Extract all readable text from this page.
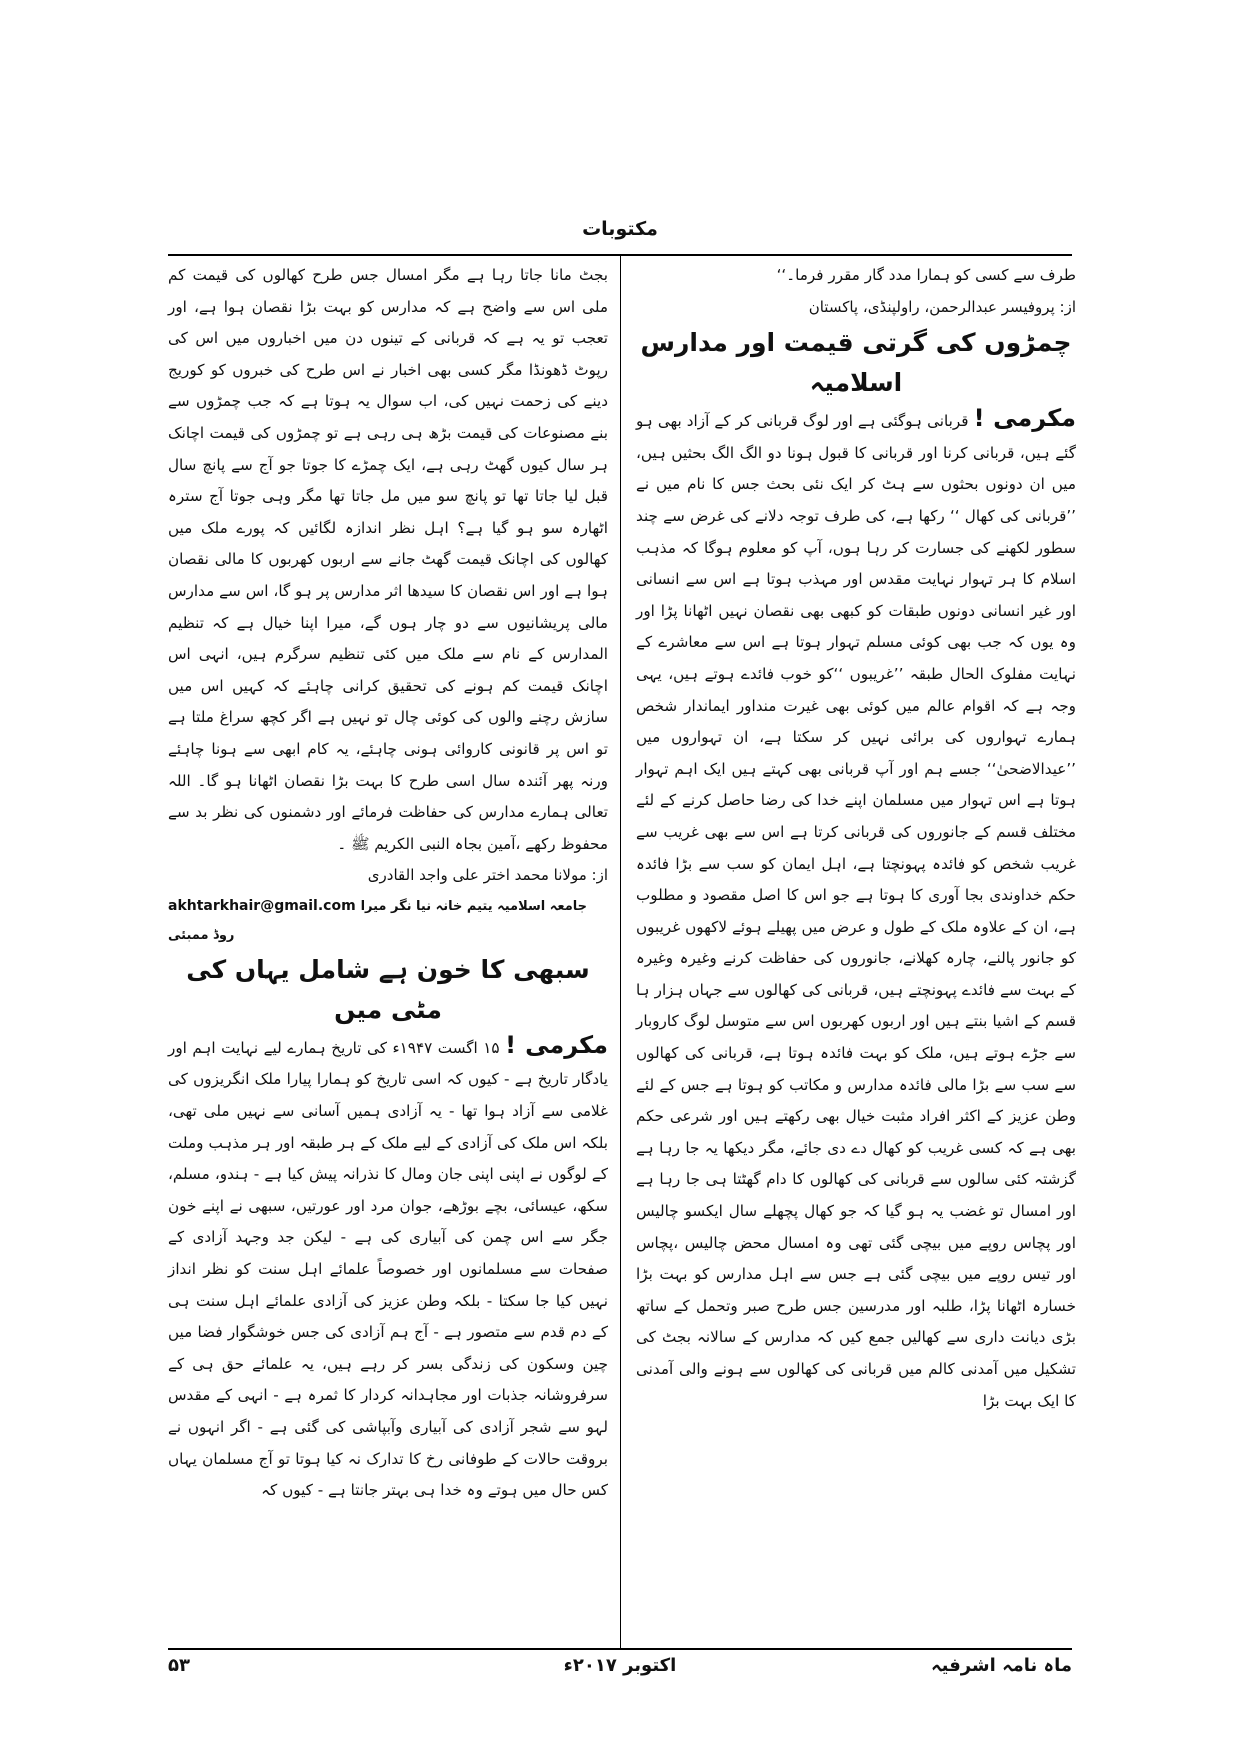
مکتوبات

طرف سے کسی کو ہمارا مدد گار مقرر فرما۔‘‘

از: پروفیسر عبدالرحمن، راولپنڈی، پاکستان

چمڑوں کی گرتی قیمت اور مدارس اسلامیہ

مکرمی ! قربانی ہوگئی ہے اور لوگ قربانی کر کے آزاد بھی ہو گئے ہیں، قربانی کرنا اور قربانی کا قبول ہونا دو الگ الگ بحثیں ہیں، میں ان دونوں بحثوں سے ہٹ کر ایک نئی بحث جس کا نام میں نے ’’قربانی کی کھال ‘‘ رکھا ہے، کی طرف توجہ دلانے کی غرض سے چند سطور لکھنے کی جسارت کر رہا ہوں، آپ کو معلوم ہوگا کہ مذہب اسلام کا ہر تہوار نہایت مقدس اور مہذب ہوتا ہے اس سے انسانی اور غیر انسانی دونوں طبقات کو کبھی بھی نقصان نہیں اٹھانا پڑا اور وہ یوں کہ جب بھی کوئی مسلم تہوار ہوتا ہے اس سے معاشرے کے نہایت مفلوک الحال طبقہ ’’غریبوں ‘‘کو خوب فائدے ہوتے ہیں، یہی وجہ ہے کہ اقوام عالم میں کوئی بھی غیرت منداور ایماندار شخص ہمارے تہواروں کی برائی نہیں کر سکتا ہے، ان تہواروں میں ’’عیدالاضحیٰ‘‘ جسے ہم اور آپ قربانی بھی کہتے ہیں ایک اہم تہوار ہوتا ہے اس تہوار میں مسلمان اپنے خدا کی رضا حاصل کرنے کے لئے مختلف قسم کے جانوروں کی قربانی کرتا ہے اس سے بھی غریب سے غریب شخص کو فائدہ پہونچتا ہے، اہل ایمان کو سب سے بڑا فائدہ حکم خداوندی بجا آوری کا ہوتا ہے جو اس کا اصل مقصود و مطلوب ہے، ان کے علاوہ ملک کے طول و عرض میں پھیلے ہوئے لاکھوں غریبوں کو جانور پالنے، چارہ کھلانے، جانوروں کی حفاظت کرنے وغیرہ وغیرہ کے بہت سے فائدے پہونچتے ہیں، قربانی کی کھالوں سے جہاں ہزار ہا قسم کے اشیا بنتے ہیں اور اربوں کھربوں اس سے متوسل لوگ کاروبار سے جڑے ہوتے ہیں، ملک کو بہت فائدہ ہوتا ہے، قربانی کی کھالوں سے سب سے بڑا مالی فائدہ مدارس و مکاتب کو ہوتا ہے جس کے لئے وطن عزیز کے اکثر افراد مثبت خیال بھی رکھتے ہیں اور شرعی حکم بھی ہے کہ کسی غریب کو کھال دے دی جائے، مگر دیکھا یہ جا رہا ہے گزشتہ کئی سالوں سے قربانی کی کھالوں کا دام گھٹتا ہی جا رہا ہے اور امسال تو غضب یہ ہو گیا کہ جو کھال پچھلے سال ایکسو چالیس اور پچاس روپے میں بیچی گئی تھی وہ امسال محض چالیس ،پچاس اور تیس روپے میں بیچی گئی ہے جس سے اہل مدارس کو بہت بڑا خسارہ اٹھانا پڑا، طلبہ اور مدرسین جس طرح صبر وتحمل کے ساتھ بڑی دیانت داری سے کھالیں جمع کیں کہ مدارس کے سالانہ بجٹ کی تشکیل میں آمدنی کالم میں قربانی کی کھالوں سے ہونے والی آمدنی کا ایک بہت بڑا

بجٹ مانا جاتا رہا ہے مگر امسال جس طرح کھالوں کی قیمت کم ملی اس سے واضح ہے کہ مدارس کو بہت بڑا نقصان ہوا ہے، اور تعجب تو یہ ہے کہ قربانی کے تینوں دن میں اخباروں میں اس کی رپوٹ ڈھونڈا مگر کسی بھی اخبار نے اس طرح کی خبروں کو کوریج دینے کی زحمت نہیں کی، اب سوال یہ ہوتا ہے کہ جب چمڑوں سے بنے مصنوعات کی قیمت بڑھ ہی رہی ہے تو چمڑوں کی قیمت اچانک ہر سال کیوں گھٹ رہی ہے، ایک چمڑے کا جوتا جو آج سے پانچ سال قبل لیا جاتا تھا تو پانچ سو میں مل جاتا تھا مگر وہی جوتا آج سترہ اٹھارہ سو ہو گیا ہے؟ اہل نظر اندازہ لگائیں کہ پورے ملک میں کھالوں کی اچانک قیمت گھٹ جانے سے اربوں کھربوں کا مالی نقصان ہوا ہے اور اس نقصان کا سیدھا اثر مدارس پر ہو گا، اس سے مدارس مالی پریشانیوں سے دو چار ہوں گے، میرا اپنا خیال ہے کہ تنظیم المدارس کے نام سے ملک میں کئی تنظیم سرگرم ہیں، انہی اس اچانک قیمت کم ہونے کی تحقیق کرانی چاہئے کہ کہیں اس میں سازش رچنے والوں کی کوئی چال تو نہیں ہے اگر کچھ سراغ ملتا ہے تو اس پر قانونی کاروائی ہونی چاہئے، یہ کام ابھی سے ہونا چاہئے ورنہ پھر آئندہ سال اسی طرح کا بہت بڑا نقصان اٹھانا ہو گا۔ اللہ تعالی ہمارے مدارس کی حفاظت فرمائے اور دشمنوں کی نظر بد سے محفوظ رکھے ،آمین بجاہ النبی الکریم ﷺ ۔

از: مولانا محمد اختر علی واجد القادری

akhtarkhair@gmail.com جامعہ اسلامیہ یتیم خانہ نیا نگر میرا روڈ ممبئی

سبھی کا خون ہے شامل یہاں کی مٹی میں

مکرمی ! ۱۵ اگست ۱۹۴۷ء کی تاریخ ہمارے لیے نہایت اہم اور یادگار تاریخ ہے - کیوں کہ اسی تاریخ کو ہمارا پیارا ملک انگریزوں کی غلامی سے آزاد ہوا تھا - یہ آزادی ہمیں آسانی سے نہیں ملی تھی، بلکہ اس ملک کی آزادی کے لیے ملک کے ہر طبقہ اور ہر مذہب وملت کے لوگوں نے اپنی اپنی جان ومال کا نذرانہ پیش کیا ہے - ہندو، مسلم، سکھ، عیسائی، بچے بوڑھے، جوان مرد اور عورتیں، سبھی نے اپنے خون جگر سے اس چمن کی آبیاری کی ہے - لیکن جد وجہد آزادی کے صفحات سے مسلمانوں اور خصوصاً علمائے اہل سنت کو نظر انداز نہیں کیا جا سکتا - بلکہ وطن عزیز کی آزادی علمائے اہل سنت ہی کے دم قدم سے متصور ہے - آج ہم آزادی کی جس خوشگوار فضا میں چین وسکون کی زندگی بسر کر رہے ہیں، یہ علمائے حق ہی کے سرفروشانہ جذبات اور مجاہدانہ کردار کا ثمرہ ہے - انہی کے مقدس لہو سے شجر آزادی کی آبیاری وآبپاشی کی گئی ہے - اگر انہوں نے بروقت حالات کے طوفانی رخ کا تدارک نہ کیا ہوتا تو آج مسلمان یہاں کس حال میں ہوتے وہ خدا ہی بہتر جانتا ہے - کیوں کہ

ماہ نامہ اشرفیہ
اکتوبر ۲۰۱۷ء
۵۳
